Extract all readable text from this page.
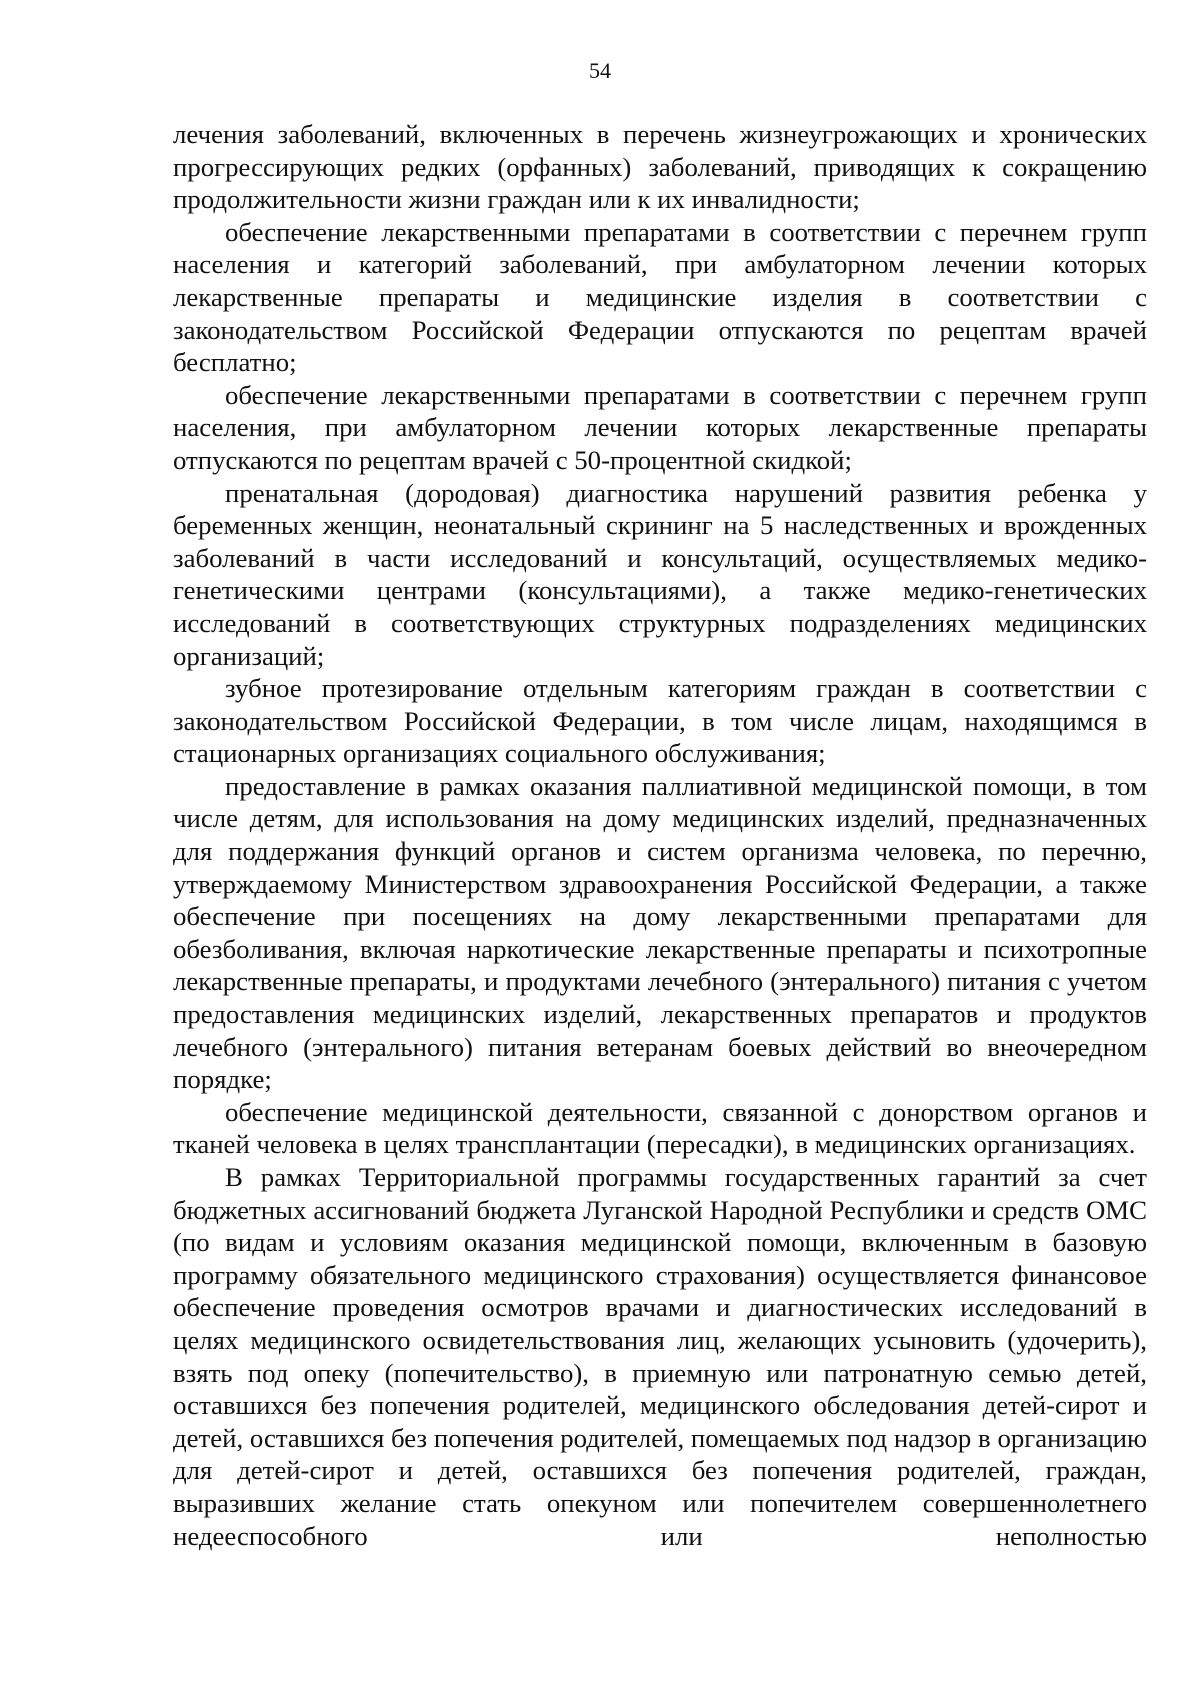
54

лечения заболеваний, включенных в перечень жизнеугрожающих и хронических прогрессирующих редких (орфанных) заболеваний, приводящих к сокращению продолжительности жизни граждан или к их инвалидности;

обеспечение лекарственными препаратами в соответствии с перечнем групп населения и категорий заболеваний, при амбулаторном лечении которых лекарственные препараты и медицинские изделия в соответствии с законодательством Российской Федерации отпускаются по рецептам врачей бесплатно;

обеспечение лекарственными препаратами в соответствии с перечнем групп населения, при амбулаторном лечении которых лекарственные препараты отпускаются по рецептам врачей с 50-процентной скидкой;

пренатальная (дородовая) диагностика нарушений развития ребенка у беременных женщин, неонатальный скрининг на 5 наследственных и врожденных заболеваний в части исследований и консультаций, осуществляемых медико-генетическими центрами (консультациями), а также медико-генетических исследований в соответствующих структурных подразделениях медицинских организаций;

зубное протезирование отдельным категориям граждан в соответствии с законодательством Российской Федерации, в том числе лицам, находящимся в стационарных организациях социального обслуживания;

предоставление в рамках оказания паллиативной медицинской помощи, в том числе детям, для использования на дому медицинских изделий, предназначенных для поддержания функций органов и систем организма человека, по перечню, утверждаемому Министерством здравоохранения Российской Федерации, а также обеспечение при посещениях на дому лекарственными препаратами для обезболивания, включая наркотические лекарственные препараты и психотропные лекарственные препараты, и продуктами лечебного (энтерального) питания с учетом предоставления медицинских изделий, лекарственных препаратов и продуктов лечебного (энтерального) питания ветеранам боевых действий во внеочередном порядке;

обеспечение медицинской деятельности, связанной с донорством органов и тканей человека в целях трансплантации (пересадки), в медицинских организациях.

В рамках Территориальной программы государственных гарантий за счет бюджетных ассигнований бюджета Луганской Народной Республики и средств ОМС (по видам и условиям оказания медицинской помощи, включенным в базовую программу обязательного медицинского страхования) осуществляется финансовое обеспечение проведения осмотров врачами и диагностических исследований в целях медицинского освидетельствования лиц, желающих усыновить (удочерить), взять под опеку (попечительство), в приемную или патронатную семью детей, оставшихся без попечения родителей, медицинского обследования детей-сирот и детей, оставшихся без попечения родителей, помещаемых под надзор в организацию для детей-сирот и детей, оставшихся без попечения родителей, граждан, выразивших желание стать опекуном или попечителем совершеннолетнего недееспособного или неполностью
